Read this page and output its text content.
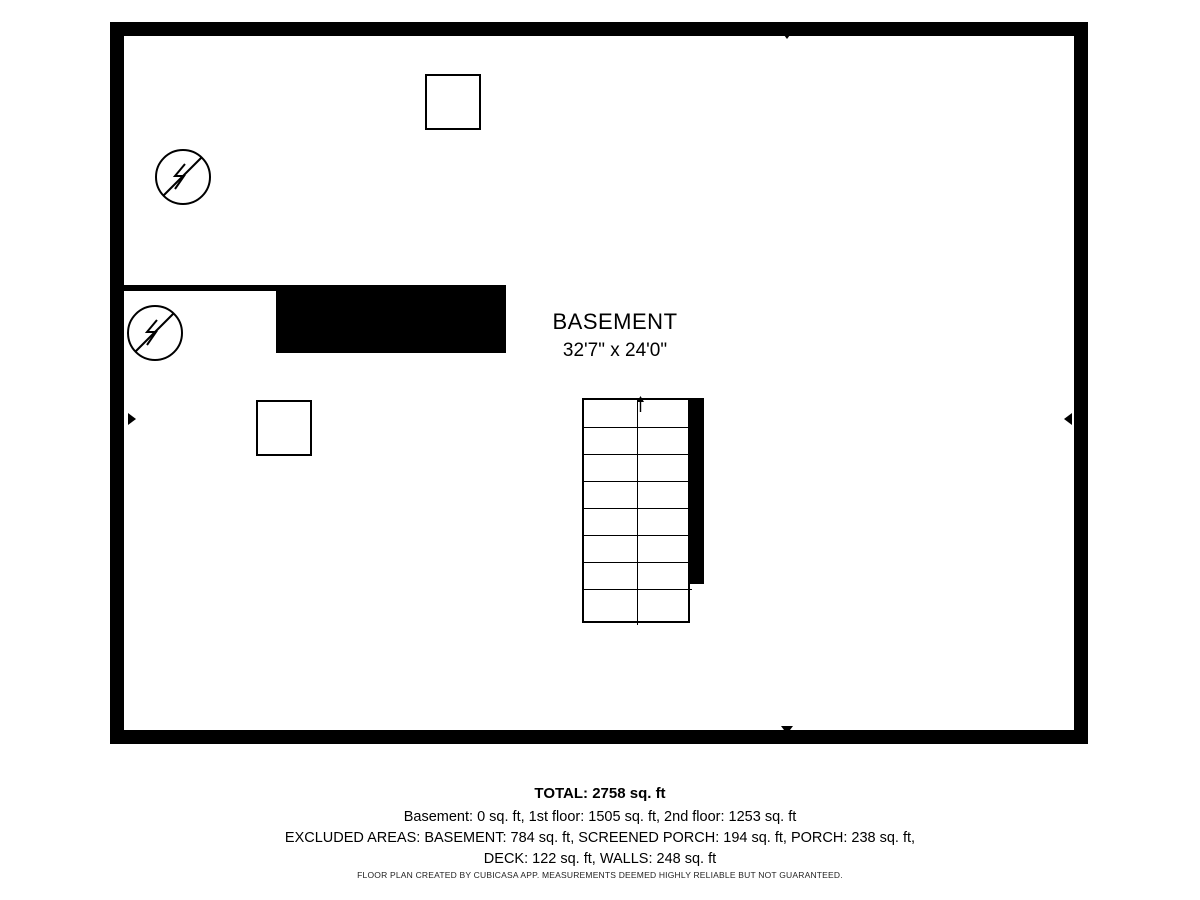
BASEMENT
32'7" x 24'0"
TOTAL: 2758 sq. ft
Basement: 0 sq. ft, 1st floor: 1505 sq. ft, 2nd floor: 1253 sq. ft
EXCLUDED AREAS: BASEMENT: 784 sq. ft, SCREENED PORCH: 194 sq. ft, PORCH: 238 sq. ft,
DECK: 122 sq. ft, WALLS: 248 sq. ft
FLOOR PLAN CREATED BY CUBICASA APP. MEASUREMENTS DEEMED HIGHLY RELIABLE BUT NOT GUARANTEED.
